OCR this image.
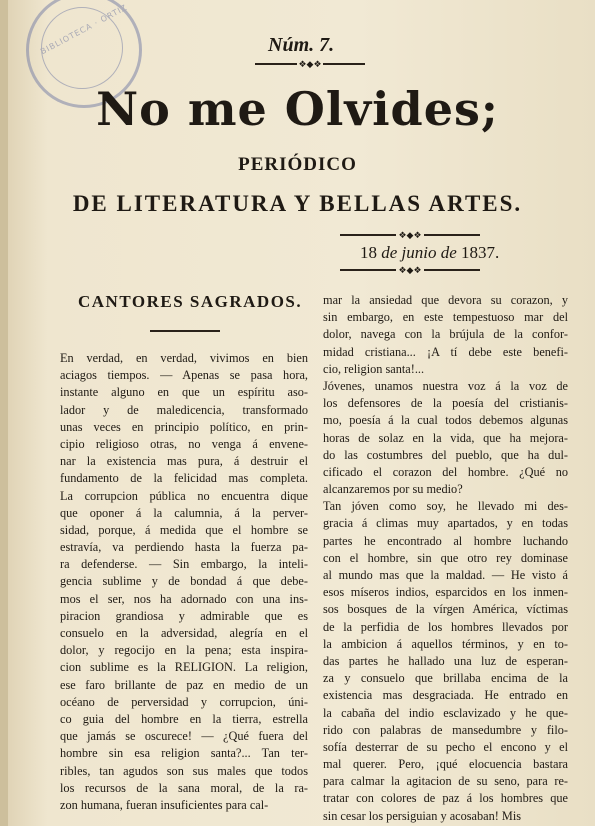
BIBLIOTECA · ORTIZ	Núm. 7.
❖◆❖
No me Olvides;
PERIÓDICO
DE LITERATURA Y BELLAS ARTES.
❖◆❖
18 de junio de 1837.
❖◆❖
CANTORES SAGRADOS.
En verdad, en verdad, vivimos en bien
aciagos tiempos. — Apenas se pasa hora,
instante alguno en que un espíritu aso-
lador y de maledicencia, transformado
unas veces en principio político, en prin-
cipio religioso otras, no venga á envene-
nar la existencia mas pura, á destruir el
fundamento de la felicidad mas completa.
La corrupcion pública no encuentra dique
que oponer á la calumnia, á la perver-
sidad, porque, á medida que el hombre se
estravía, va perdiendo hasta la fuerza pa-
ra defenderse. — Sin embargo, la inteli-
gencia sublime y de bondad á que debe-
mos el ser, nos ha adornado con una ins-
piracion grandiosa y admirable que es
consuelo en la adversidad, alegría en el
dolor, y regocijo en la pena; esta inspira-
cion sublime es la RELIGION. La religion,
ese faro brillante de paz en medio de un
océano de perversidad y corrupcion, úni-
co guia del hombre en la tierra, estrella
que jamás se oscurece! — ¿Qué fuera del
hombre sin esa religion santa?... Tan ter-
ribles, tan agudos son sus males que todos
los recursos de la sana moral, de la ra-
zon humana, fueran insuficientes para cal-
mar la ansiedad que devora su corazon, y
sin embargo, en este tempestuoso mar del
dolor, navega con la brújula de la confor-
midad cristiana... ¡A tí debe este benefi-
cio, religion santa!...
Jóvenes, unamos nuestra voz á la voz de
los defensores de la poesía del cristianis-
mo, poesía á la cual todos debemos algunas
horas de solaz en la vida, que ha mejora-
do las costumbres del pueblo, que ha dul-
cificado el corazon del hombre. ¿Qué no
alcanzaremos por su medio?
Tan jóven como soy, he llevado mi des-
gracia á climas muy apartados, y en todas
partes he encontrado al hombre luchando
con el hombre, sin que otro rey dominase
al mundo mas que la maldad. — He visto á
esos míseros indios, esparcidos en los inmen-
sos bosques de la vírgen América, víctimas
de la perfidia de los hombres llevados por
la ambicion á aquellos términos, y en to-
das partes he hallado una luz de esperan-
za y consuelo que brillaba encima de la
existencia mas desgraciada. He entrado en
la cabaña del indio esclavizado y he que-
rido con palabras de mansedumbre y filo-
sofía desterrar de su pecho el encono y el
mal querer. Pero, ¡qué elocuencia bastara
para calmar la agitacion de su seno, para re-
tratar con colores de paz á los hombres que
sin cesar los persiguian y acosaban! Mis
